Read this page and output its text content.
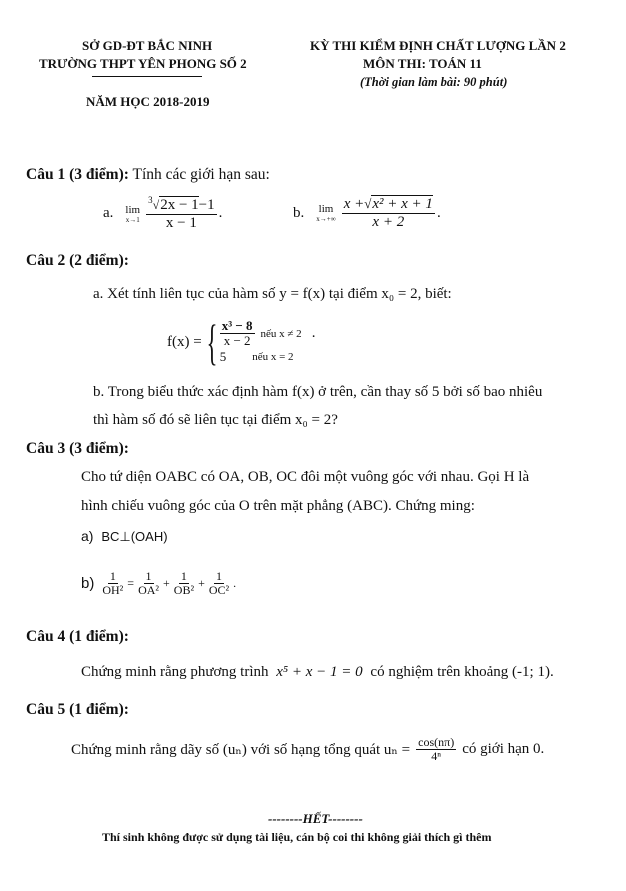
SỞ GD-ĐT BẮC NINH
TRƯỜNG THPT YÊN PHONG SỐ 2
NĂM HỌC 2018-2019
KỲ THI KIỂM ĐỊNH CHẤT LƯỢNG LẦN 2
MÔN THI: TOÁN 11
(Thời gian làm bài: 90 phút)
Câu 1 (3 điểm): Tính các giới hạn sau:
a. lim
$x\to 1 \frac{^3√2x - 1-1}{x - 1}$ .	b. lim
$x\to+\infty \frac{\text{x +√x² + x + 1}}{x + 2}$ .
Câu 2 (2 điểm):
a. Xét tính liên tục của hàm số y = f(x) tại điểm x₀ = 2, biết:
f(x) = { $\frac{\text{x³ − 8}}{x - 2}$ nếu x ≠ 2 .
5 nếu x = 2
b. Trong biểu thức xác định hàm f(x) ở trên, cần thay số 5 bởi số bao nhiêu
thì hàm số đó sẽ liên tục tại điểm x₀ = 2?
Câu 3 (3 điểm):
Cho tứ diện OABC có OA, OB, OC đôi một vuông góc với nhau. Gọi H là
hình chiếu vuông góc của O trên mặt phẳng (ABC). Chứng ming:
a) BC⊥(OAH)
$b) \frac{1}{\text{OH²}} = \frac{1}{\text{OA²}} + \frac{1}{\text{OB²}} + \frac{1}{\text{OC²}}$ .
Câu 4 (1 điểm):
Chứng minh rằng phương trình x⁵ + x − 1 = 0 có nghiệm trên khoảng (-1; 1).
Câu 5 (1 điểm):
Chứng minh rằng dãy số (uₙ) với số hạng tổng quát $u_n = \frac{\cos(n\pi)}{\text{4ⁿ}}$ có giới hạn 0.
--------HẾT--------
Thí sinh không được sử dụng tài liệu, cán bộ coi thi không giải thích gì thêm
